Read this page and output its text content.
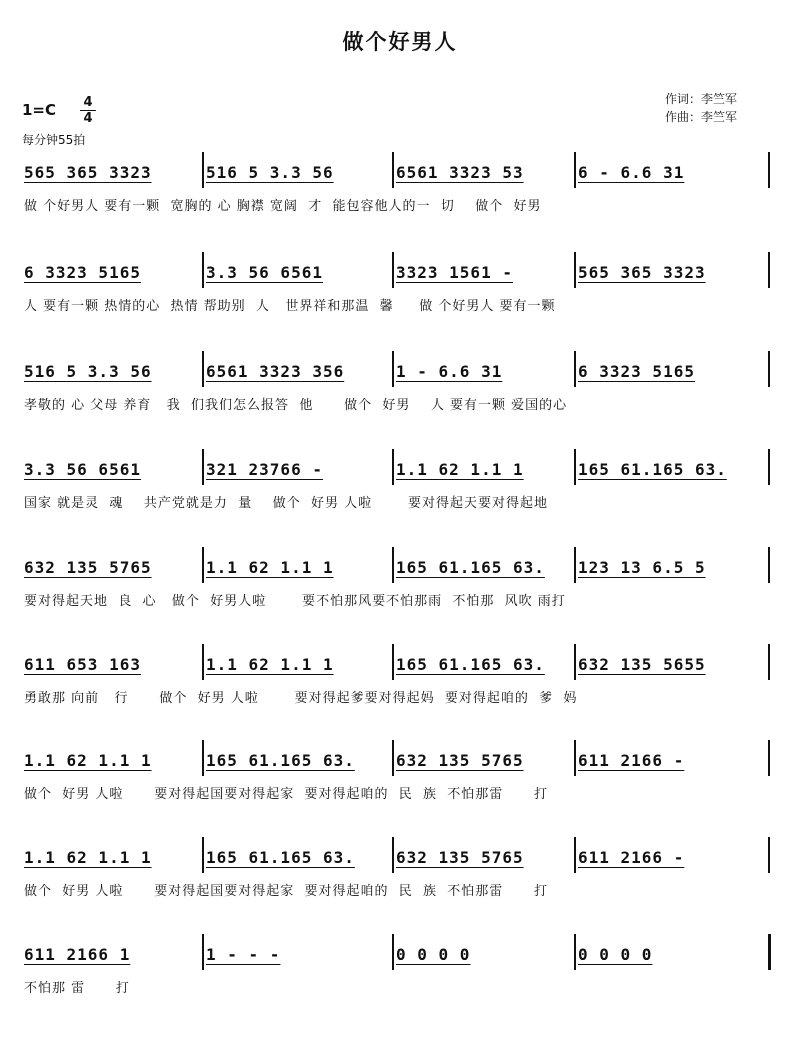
做个好男人
$1=C \frac{4}{4}$
每分钟55拍
作词：李竺军
作曲：李竺军
565 365 3323	516 5 3.3 56	6561 3323 53	6 - 6.6 31
做 个好男人 要有一颗  宽胸的 心 胸襟 宽阔  才  能包容他人的一  切    做个  好男
6 3323 5165	3.3 56 6561	3323 1561 -	565 365 3323
人 要有一颗 热情的心  热情 帮助别  人   世界祥和那温  馨     做 个好男人 要有一颗
516 5 3.3 56	6561 3323 356	1 - 6.6 31	6 3323 5165
孝敬的 心 父母 养育   我  们我们怎么报答  他      做个  好男    人 要有一颗 爱国的心
3.3 56 6561	321 23766 -	1.1 62 1.1 1	165 61.165 63.
国家 就是灵  魂    共产党就是力  量    做个  好男 人啦       要对得起天要对得起地
632 135 5765	1.1 62 1.1 1	165 61.165 63.	123 13 6.5 5
要对得起天地  良  心   做个  好男人啦       要不怕那风要不怕那雨  不怕那  风吹 雨打
611 653 163	1.1 62 1.1 1	165 61.165 63.	632 135 5655
勇敢那 向前   行      做个  好男 人啦       要对得起爹要对得起妈  要对得起咱的  爹  妈
1.1 62 1.1 1	165 61.165 63.	632 135 5765	611 2166 -
做个  好男 人啦      要对得起国要对得起家  要对得起咱的  民  族  不怕那雷      打
1.1 62 1.1 1	165 61.165 63.	632 135 5765	611 2166 -
做个  好男 人啦      要对得起国要对得起家  要对得起咱的  民  族  不怕那雷      打
611 2166 1	1 - - -	0 0 0 0	0 0 0 0
不怕那 雷      打
